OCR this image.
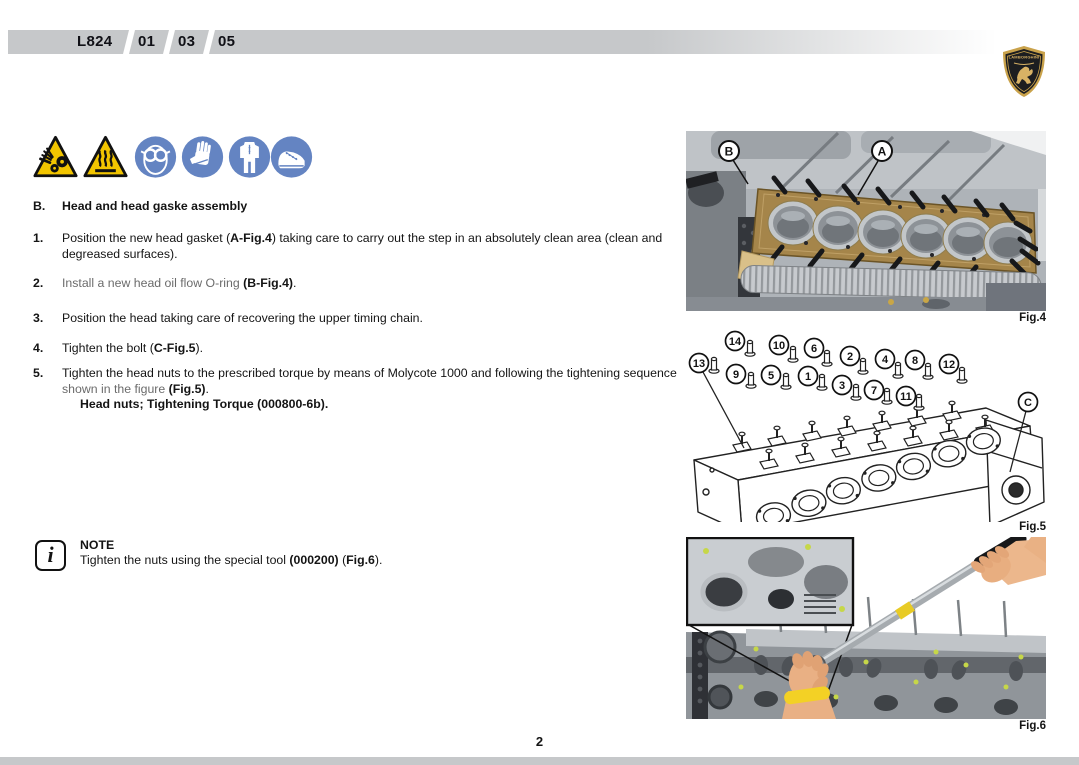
L824 01 03 05
LAMBORGHINI
B. Head and head gaske assembly
1. Position the new head gasket (A-Fig.4) taking care to carry out the step in an absolutely clean area (clean and
degreased surfaces).
2. Install a new head oil flow O-ring (B-Fig.4).
3. Position the head taking care of recovering the upper timing chain.
4. Tighten the bolt (C-Fig.5).
5. Tighten the head nuts to the prescribed torque by means of Molycote 1000 and following the tightening sequence
shown in the figure (Fig.5).
Head nuts; Tightening Torque (000800-6b).
i	NOTE
Tighten the nuts using the special tool (000200) (Fig.6).
B	A
Fig.4
13
14
9
10
5
6
1
2
3
4
7
8
11
12
C
Fig.5
Fig.6
2
